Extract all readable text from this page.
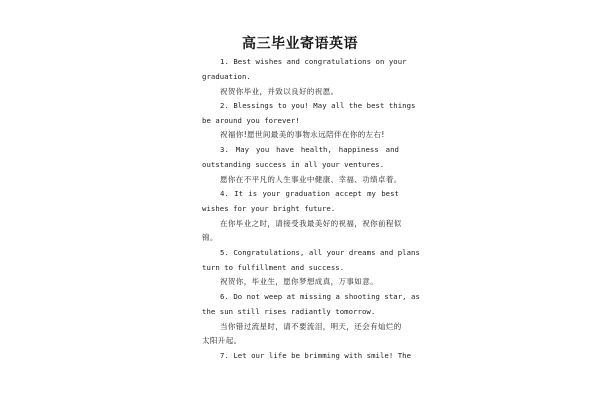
高三毕业寄语英语
1. Best wishes and congratulations on your
graduation.
祝贺你毕业，并致以良好的祝愿。
2. Blessings to you! May all the best things
be around you forever!
祝福你!愿世间最美的事物永远陪伴在你的左右!
3. May you have health, happiness and
outstanding success in all your ventures.
愿你在不平凡的人生事业中健康、幸福、功绩卓着。
4. It is your graduation accept my best
wishes for your bright future.
在你毕业之时，请接受我最美好的祝福，祝你前程似
锦。
5. Congratulations, all your dreams and plans
turn to fulfillment and success.
祝贺你，毕业生，愿你梦想成真，万事如意。
6. Do not weep at missing a shooting star, as
the sun still rises radiantly tomorrow.
当你错过流星时，请不要流泪，明天，还会有灿烂的
太阳升起。
7. Let our life be brimming with smile! The
